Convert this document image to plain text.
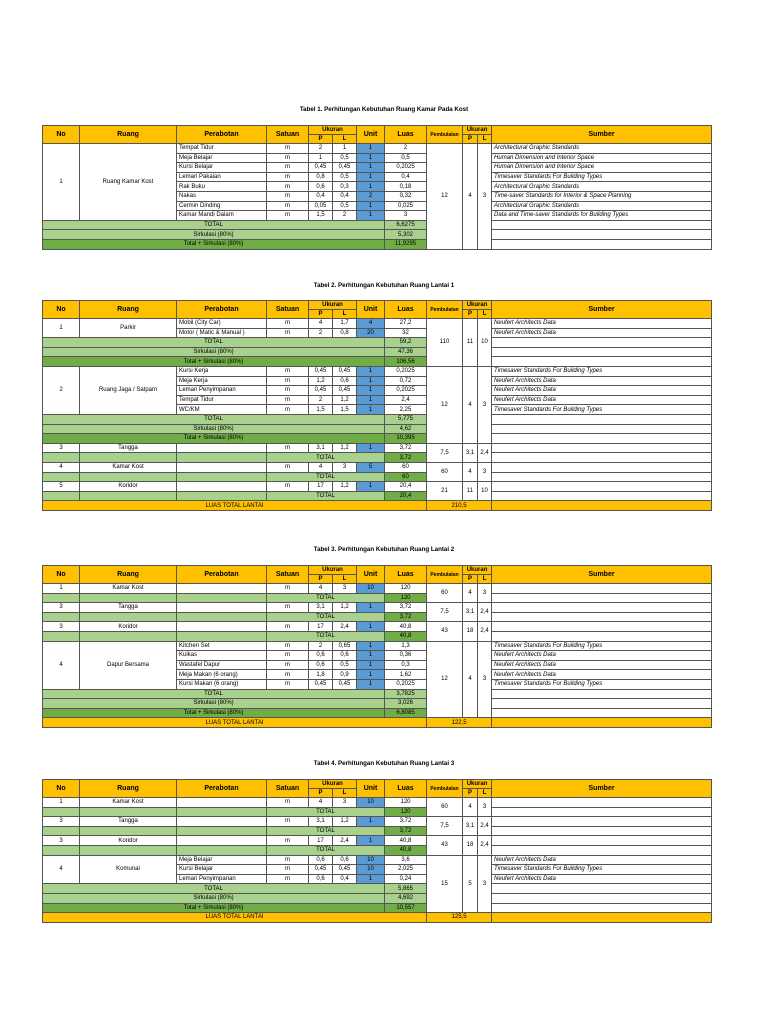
Tabel 1. Perhitungan Kebutuhan Ruang Kamar Pada Kost
No	Ruang	Perabotan	Satuan	Ukuran		Unit	Luas	Pembulatan	Ukuran		Sumber
				P	L				P	L	
1	Ruang Kamar Kost	Tempat Tidur	m	2	1	1	2	12	4	3	Architectural Graphic Standards
		Meja Belajar	m	1	0,5	1	0,5				Human Dimension and Interior Space
		Kursi Belajar	m	0,45	0,45	1	0,2025				Human Dimension and Interior Space
		Lemari Pakaian	m	0,8	0,5	1	0,4				Timesaver Standards For Building Types
		Rak Buku	m	0,6	0,3	1	0,18				Architectural Graphic Standards
		Nakas	m	0,4	0,4	2	0,32				Time-saver Standards for Interior & Space Planning
		Cermin Dinding	m	0,05	0,5	1	0,025				Architectural Graphic Standards
		Kamar Mandi Dalam	m	1,5	2	1	3				Data and Time-saver Standards for Building Types
TOTAL							6,6275				
Sirkulasi (80%)							5,302				
Total + Sirkulasi (80%)							11,9295				
Tabel 2. Perhitungan Kebutuhan Ruang Lantai 1
No	Ruang	Perabotan	Satuan	Ukuran		Unit	Luas	Pembulatan	Ukuran		Sumber
				P	L				P	L	
1	Parkir	Mobil (City Car)	m	4	1,7	4	27,2	110	11	10	Neufert Architects Data
		Motor ( Matic & Manual )	m	2	0,8	20	32				Neufert Architects Data
TOTAL							59,2				
Sirkulasi (80%)							47,36				
Total + Sirkulasi (80%)							106,56				
2	Ruang Jaga / Satpam	Kursi Kerja	m	0,45	0,45	1	0,2025	12	4	3	Timesaver Standards For Building Types
		Meja Kerja	m	1,2	0,6	1	0,72				Neufert Architects Data
		Lemari Penyimpanan	m	0,45	0,45	1	0,2025				Neufert Architects Data
		Tempat Tidur	m	2	1,2	1	2,4				Neufert Architects Data
		WC/KM	m	1,5	1,5	1	2,25				Timesaver Standards For Building Types
TOTAL							5,775				
Sirkulasi (80%)							4,62				
Total + Sirkulasi (80%)							10,395				
3	Tangga		m	3,1	1,2	1	3,72	7,5	3,1	2,4	
			TOTAL				3,72				
4	Kamar Kost		m	4	3	5	60	60	4	3	
			TOTAL				60				
5	Koridor		m	17	1,2	1	20,4	21	11	10	
			TOTAL				20,4				
LUAS TOTAL LANTAI								210,5			
Tabel 3. Perhitungan Kebutuhan Ruang Lantai 2
No	Ruang	Perabotan	Satuan	Ukuran		Unit	Luas	Pembulatan	Ukuran		Sumber
				P	L				P	L	
1	Kamar Kost		m	4	3	10	120	60	4	3	
			TOTAL				120				
3	Tangga		m	3,1	1,2	1	3,72	7,5	3,1	2,4	
			TOTAL				3,72				
3	Koridor		m	17	2,4	1	40,8	43	18	2,4	
			TOTAL				40,8				
4	Dapur Bersama	Kitchen Set	m	2	0,65	1	1,3	12	4	3	Timesaver Standards For Building Types
		Kulkas	m	0,6	0,6	1	0,36				Neufert Architects Data
		Wastafel Dapur	m	0,6	0,5	1	0,3				Neufert Architects Data
		Meja Makan (6 orang)	m	1,8	0,9	1	1,62				Neufert Architects Data
		Kursi Makan (6 orang)	m	0,45	0,45	1	0,2025				Timesaver Standards For Building Types
TOTAL							3,7825				
Sirkulasi (80%)							3,026				
Total + Sirkulasi (80%)							6,8085				
LUAS TOTAL LANTAI								122,5			
Tabel 4. Perhitungan Kebutuhan Ruang Lantai 3
No	Ruang	Perabotan	Satuan	Ukuran		Unit	Luas	Pembulatan	Ukuran		Sumber
				P	L				P	L	
1	Kamar Kost		m	4	3	10	120	60	4	3	
			TOTAL				120				
3	Tangga		m	3,1	1,2	1	3,72	7,5	3,1	2,4	
			TOTAL				3,72				
3	Koridor		m	17	2,4	1	40,8	43	18	2,4	
			TOTAL				40,8				
4	Komunal	Meja Belajar	m	0,6	0,6	10	3,6	15	5	3	Neufert Architects Data
		Kursi Belajar	m	0,45	0,45	10	2,025				Timesaver Standards For Building Types
		Lemari Penyimpanan	m	0,6	0,4	1	0,24				Neufert Architects Data
TOTAL							5,865				
Sirkulasi (80%)							4,692				
Total + Sirkulasi (80%)							10,557				
LUAS TOTAL LANTAI								125,5			
